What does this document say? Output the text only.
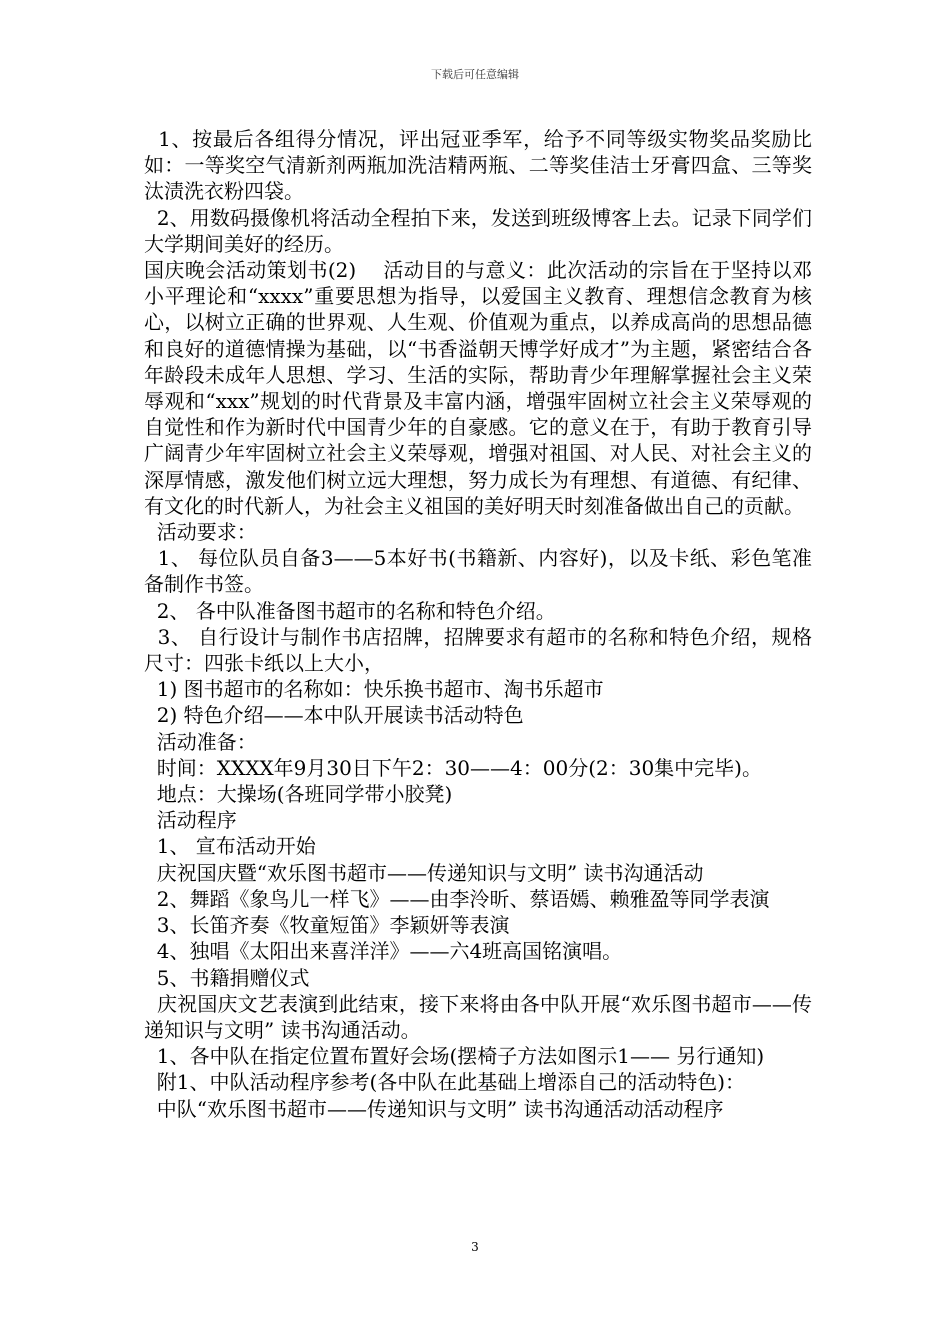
下载后可任意编辑

1、按最后各组得分情况，评出冠亚季军，给予不同等级实物奖品奖励比如：一等奖空气清新剂两瓶加洗洁精两瓶、二等奖佳洁士牙膏四盒、三等奖汰渍洗衣粉四袋。

2、用数码摄像机将活动全程拍下来，发送到班级博客上去。记录下同学们大学期间美好的经历。

国庆晚会活动策划书(2)    活动目的与意义：此次活动的宗旨在于坚持以邓小平理论和“xxxx”重要思想为指导，以爱国主义教育、理想信念教育为核心，以树立正确的世界观、人生观、价值观为重点，以养成高尚的思想品德和良好的道德情操为基础，以“书香溢朝天博学好成才”为主题，紧密结合各年龄段未成年人思想、学习、生活的实际，帮助青少年理解掌握社会主义荣辱观和“xxx”规划的时代背景及丰富内涵，增强牢固树立社会主义荣辱观的自觉性和作为新时代中国青少年的自豪感。它的意义在于，有助于教育引导广阔青少年牢固树立社会主义荣辱观，增强对祖国、对人民、对社会主义的深厚情感，激发他们树立远大理想，努力成长为有理想、有道德、有纪律、有文化的时代新人，为社会主义祖国的美好明天时刻准备做出自己的贡献。

活动要求：

1、 每位队员自备3——5本好书(书籍新、内容好)，以及卡纸、彩色笔准备制作书签。

2、 各中队准备图书超市的名称和特色介绍。

3、 自行设计与制作书店招牌，招牌要求有超市的名称和特色介绍，规格尺寸：四张卡纸以上大小，

1) 图书超市的名称如：快乐换书超市、淘书乐超市

2) 特色介绍——本中队开展读书活动特色

活动准备：

时间：XXXX年9月30日下午2：30——4：00分(2：30集中完毕)。

地点：大操场(各班同学带小胶凳)

活动程序

1、 宣布活动开始

庆祝国庆暨“欢乐图书超市——传递知识与文明” 读书沟通活动

2、舞蹈《象鸟儿一样飞》——由李泠昕、蔡语嫣、赖雅盈等同学表演

3、长笛齐奏《牧童短笛》李颖妍等表演

4、独唱《太阳出来喜洋洋》——六4班高国铭演唱。

5、书籍捐赠仪式

庆祝国庆文艺表演到此结束，接下来将由各中队开展“欢乐图书超市——传递知识与文明” 读书沟通活动。

1、各中队在指定位置布置好会场(摆椅子方法如图示1—— 另行通知)

附1、中队活动程序参考(各中队在此基础上增添自己的活动特色)：

中队“欢乐图书超市——传递知识与文明” 读书沟通活动活动程序

3
